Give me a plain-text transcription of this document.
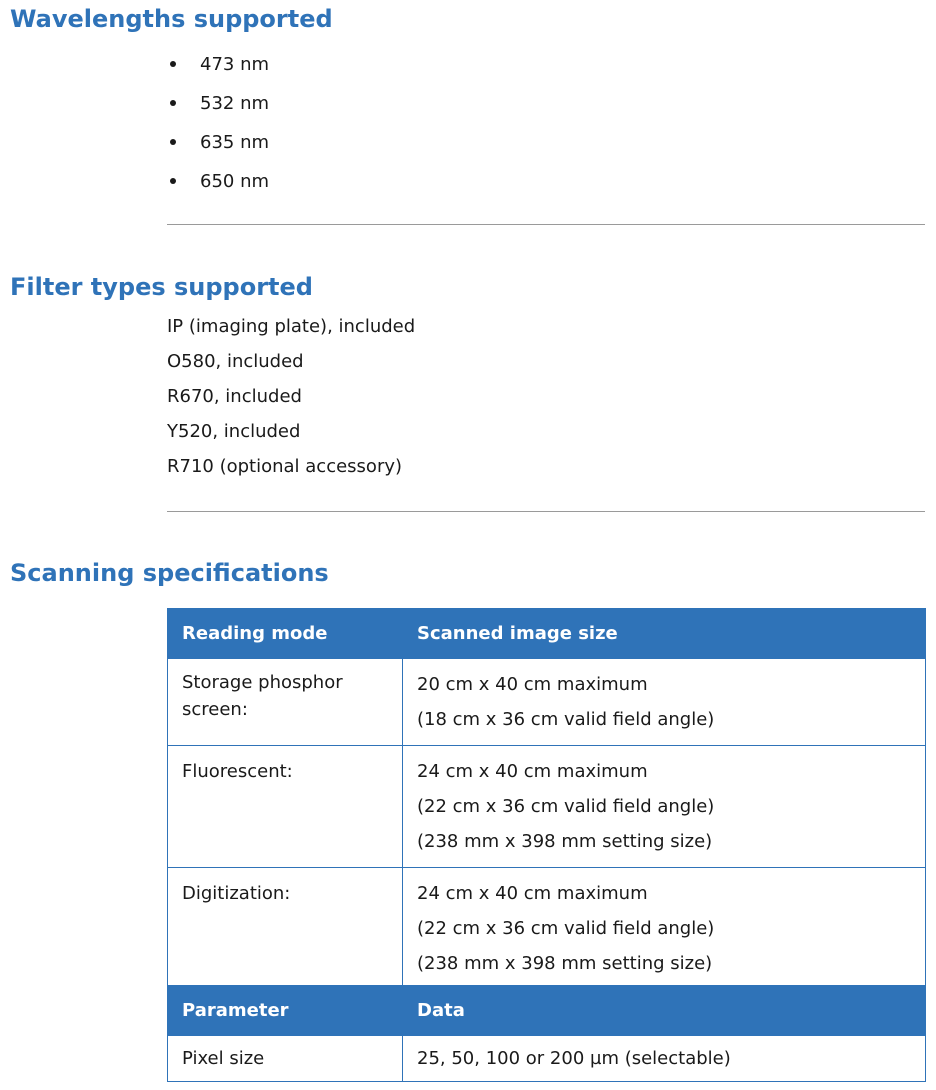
Wavelengths supported
473 nm
532 nm
635 nm
650 nm
Filter types supported
IP (imaging plate), included
O580, included
R670, included
Y520, included
R710 (optional accessory)
Scanning specifications
Reading mode	Scanned image size

Storage phosphor screen:	20 cm x 40 cm maximum
(18 cm x 36 cm valid field angle)

Fluorescent:	24 cm x 40 cm maximum
(22 cm x 36 cm valid field angle)
(238 mm x 398 mm setting size)

Digitization:	24 cm x 40 cm maximum
(22 cm x 36 cm valid field angle)
(238 mm x 398 mm setting size)
Parameter	Data
Pixel size	25, 50, 100 or 200 µm (selectable)
